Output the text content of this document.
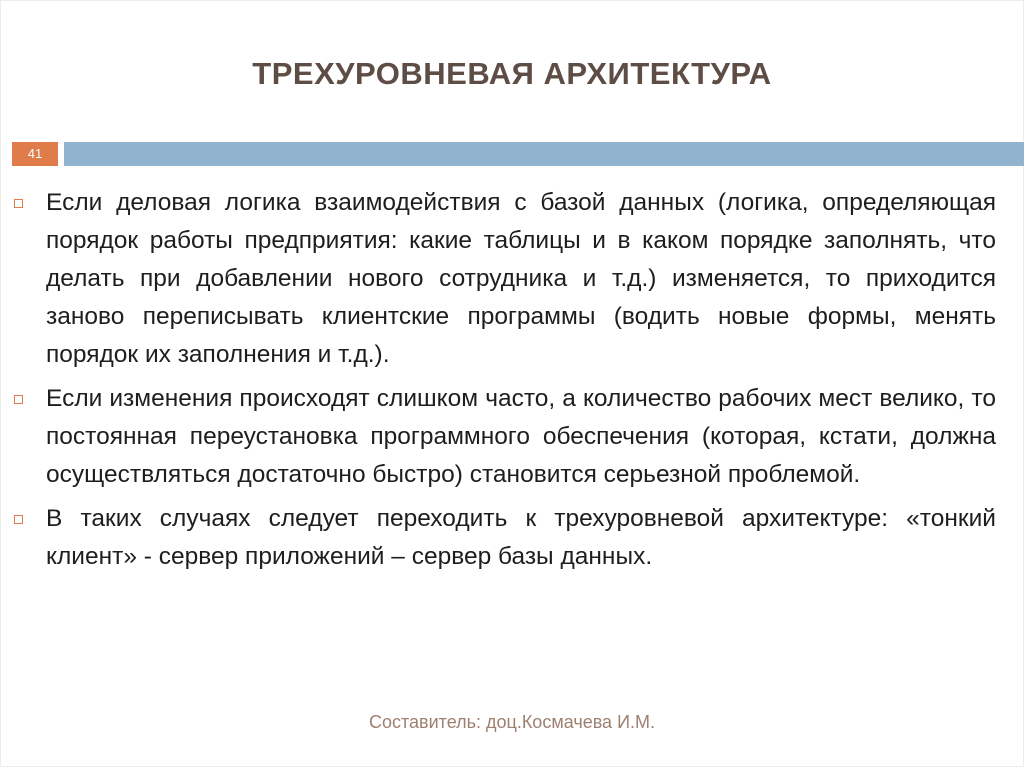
ТРЕХУРОВНЕВАЯ АРХИТЕКТУРА
41
Если деловая логика взаимодействия с базой данных (логика, определяющая порядок работы предприятия: какие таблицы и в каком порядке заполнять, что делать при добавлении нового сотрудника и т.д.) изменяется, то приходится заново переписывать клиентские программы (водить новые формы, менять порядок их заполнения и т.д.).
Если изменения происходят слишком часто, а количество рабочих мест велико, то постоянная переустановка программного обеспечения (которая, кстати, должна осуществляться достаточно быстро) становится серьезной проблемой.
В таких случаях следует переходить к трехуровневой архитектуре: «тонкий клиент» - сервер приложений – сервер базы данных.
Составитель: доц.Космачева И.М.
